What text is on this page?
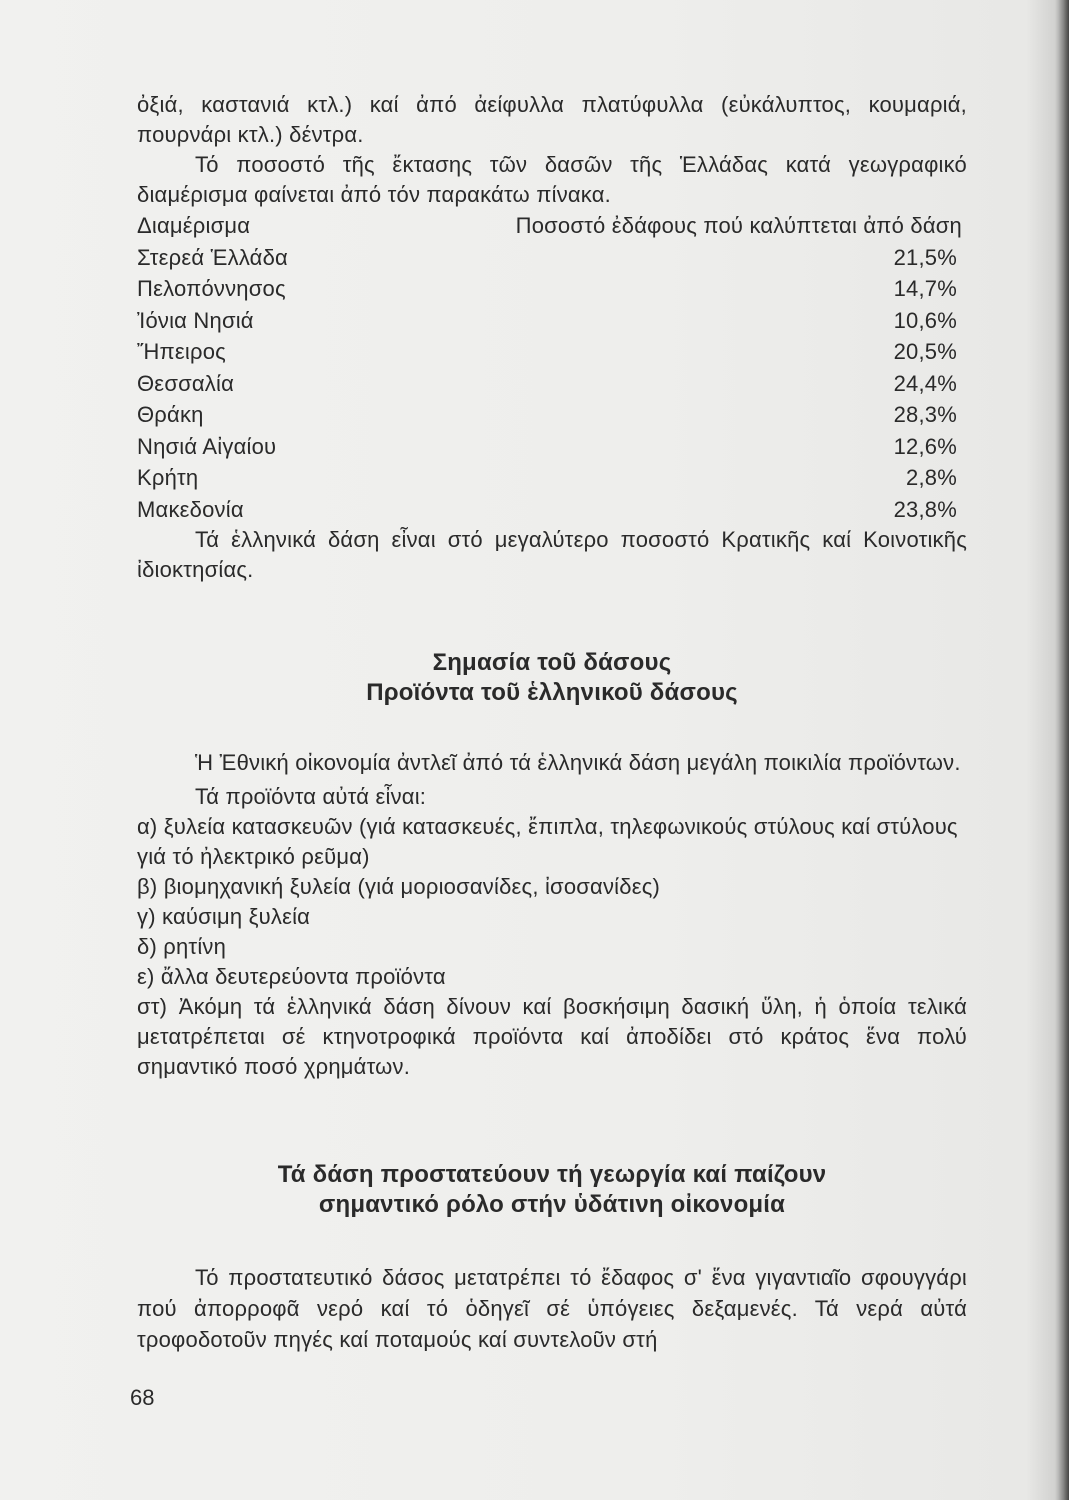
ὀξιά, καστανιά κτλ.) καί ἀπό ἀείφυλλα πλατύφυλλα (εὐκάλυπτος, κουμαριά, πουρνάρι κτλ.) δέντρα.

Τό ποσοστό τῆς ἔκτασης τῶν δασῶν τῆς Ἑλλάδας κατά γεωγραφικό διαμέρισμα φαίνεται ἀπό τόν παρακάτω πίνακα.

Διαμέρισμα	Ποσοστό ἐδάφους πού καλύπτεται ἀπό δάση
Στερεά Ἑλλάδα	21,5%
Πελοπόννησος	14,7%
Ἰόνια Νησιά	10,6%
Ἤπειρος	20,5%
Θεσσαλία	24,4%
Θράκη	28,3%
Νησιά Αἰγαίου	12,6%
Κρήτη	2,8%
Μακεδονία	23,8%

Τά ἑλληνικά δάση εἶναι στό μεγαλύτερο ποσοστό Κρατικῆς καί Κοινοτικῆς ἰδιοκτησίας.

Σημασία τοῦ δάσους

Προϊόντα τοῦ ἑλληνικοῦ δάσους

Ἡ Ἐθνική οἰκονομία ἀντλεῖ ἀπό τά ἑλληνικά δάση μεγάλη ποικιλία προϊόντων.

Τά προϊόντα αὐτά εἶναι:

α) ξυλεία κατασκευῶν (γιά κατασκευές, ἔπιπλα, τηλεφωνικούς στύλους καί στύλους γιά τό ἠλεκτρικό ρεῦμα)

β) βιομηχανική ξυλεία (γιά μοριοσανίδες, ἰσοσανίδες)

γ) καύσιμη ξυλεία

δ) ρητίνη

ε) ἄλλα δευτερεύοντα προϊόντα

στ) Ἀκόμη τά ἑλληνικά δάση δίνουν καί βοσκήσιμη δασική ὕλη, ἡ ὁποία τελικά μετατρέπεται σέ κτηνοτροφικά προϊόντα καί ἀποδίδει στό κράτος ἕνα πολύ σημαντικό ποσό χρημάτων.

Τά δάση προστατεύουν τή γεωργία καί παίζουν

σημαντικό ρόλο στήν ὑδάτινη οἰκονομία

Τό προστατευτικό δάσος μετατρέπει τό ἔδαφος σ' ἕνα γιγαντιαῖο σφουγγάρι πού ἀπορροφᾶ νερό καί τό ὁδηγεῖ σέ ὑπόγειες δεξαμενές. Τά νερά αὐτά τροφοδοτοῦν πηγές καί ποταμούς καί συντελοῦν στή

68
